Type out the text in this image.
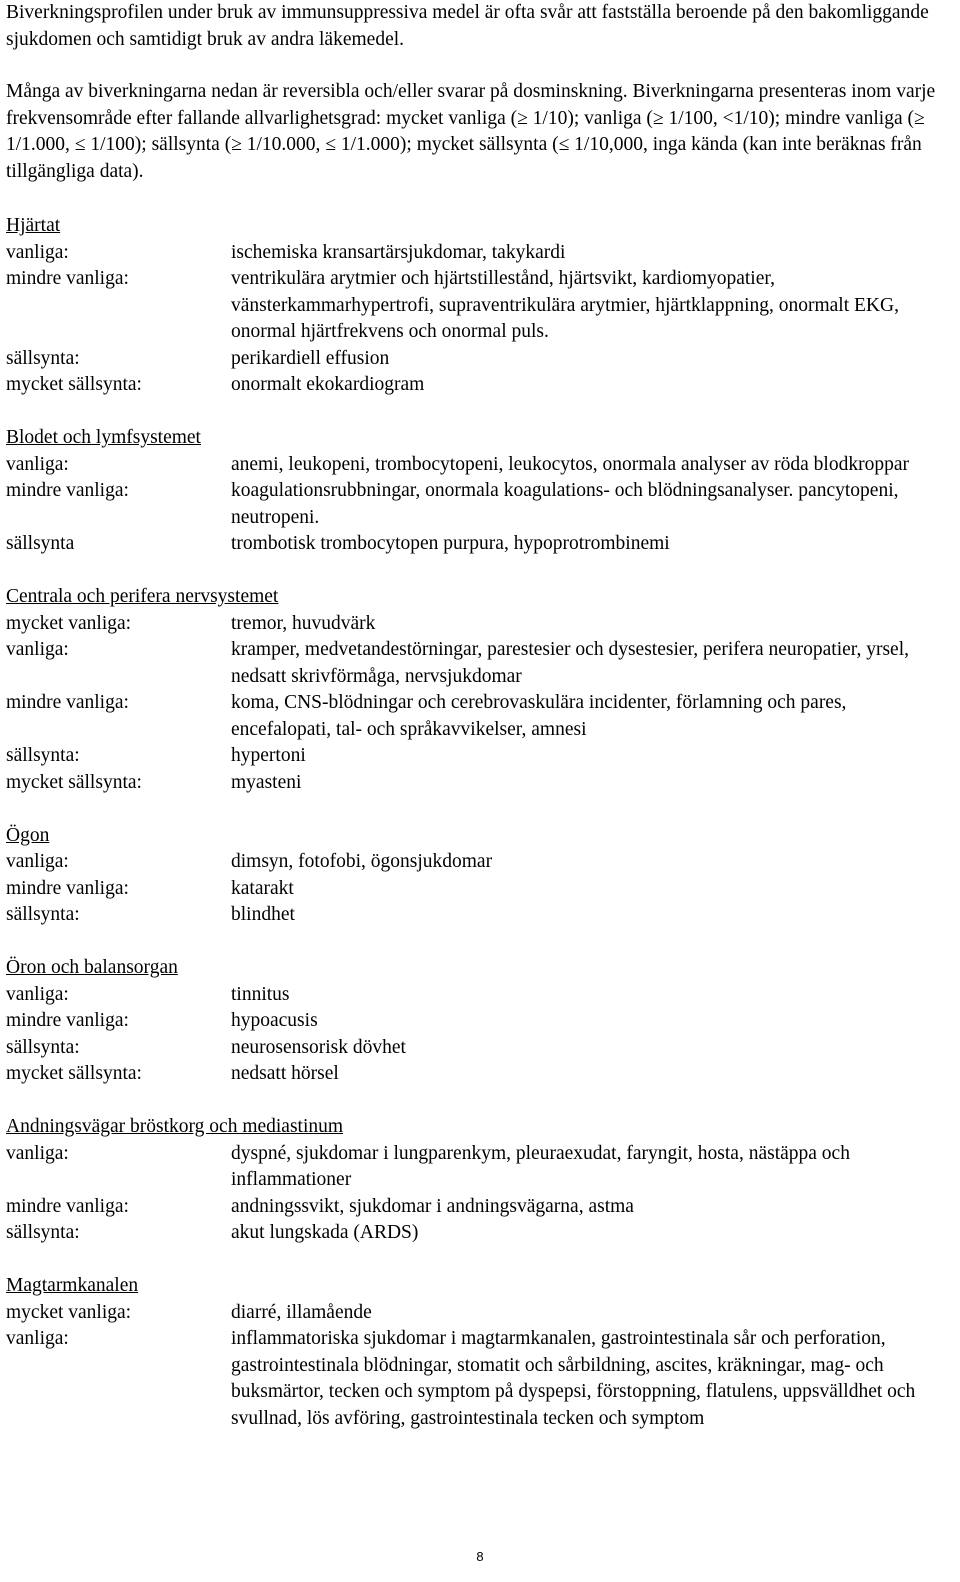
Biverkningsprofilen under bruk av immunsuppressiva medel är ofta svår att fastställa beroende på den bakomliggande sjukdomen och samtidigt bruk av andra läkemedel.

Många av biverkningarna nedan är reversibla och/eller svarar på dosminskning. Biverkningarna presenteras inom varje frekvensområde efter fallande allvarlighetsgrad: mycket vanliga (≥ 1/10); vanliga (≥ 1/100, <1/10); mindre vanliga (≥ 1/1.000, ≤ 1/100); sällsynta (≥ 1/10.000, ≤ 1/1.000); mycket sällsynta (≤ 1/10,000, inga kända (kan inte beräknas från tillgängliga data).

Hjärtat
vanliga:	ischemiska kransartärsjukdomar, takykardi
mindre vanliga:	ventrikulära arytmier och hjärtstillestånd, hjärtsvikt, kardiomyopatier, vänsterkammarhypertrofi, supraventrikulära arytmier, hjärtklappning, onormalt EKG, onormal hjärtfrekvens och onormal puls.
sällsynta:	perikardiell effusion
mycket sällsynta:	onormalt ekokardiogram
Blodet och lymfsystemet
vanliga:	anemi, leukopeni, trombocytopeni, leukocytos, onormala analyser av röda blodkroppar
mindre vanliga:	koagulationsrubbningar, onormala koagulations- och blödningsanalyser. pancytopeni, neutropeni.
sällsynta	trombotisk trombocytopen purpura, hypoprotrombinemi
Centrala och perifera nervsystemet
mycket vanliga:	tremor, huvudvärk
vanliga:	kramper, medvetandestörningar, parestesier och dysestesier, perifera neuropatier, yrsel, nedsatt skrivförmåga, nervsjukdomar
mindre vanliga:	koma, CNS-blödningar och cerebrovaskulära incidenter, förlamning och pares, encefalopati, tal- och språkavvikelser, amnesi
sällsynta:	hypertoni
mycket sällsynta:	myasteni
Ögon
vanliga:	dimsyn, fotofobi, ögonsjukdomar
mindre vanliga:	katarakt
sällsynta:	blindhet
Öron och balansorgan
vanliga:	tinnitus
mindre vanliga:	hypoacusis
sällsynta:	neurosensorisk dövhet
mycket sällsynta:	nedsatt hörsel
Andningsvägar bröstkorg och mediastinum
vanliga:	dyspné, sjukdomar i lungparenkym, pleuraexudat, faryngit, hosta, nästäppa och inflammationer
mindre vanliga:	andningssvikt, sjukdomar i andningsvägarna, astma
sällsynta:	akut lungskada (ARDS)
Magtarmkanalen
mycket vanliga:	diarré, illamående
vanliga:	inflammatoriska sjukdomar i magtarmkanalen, gastrointestinala sår och perforation, gastrointestinala blödningar, stomatit och sårbildning, ascites, kräkningar, mag- och buksmärtor, tecken och symptom på dyspepsi, förstoppning, flatulens, uppsvälldhet och svullnad, lös avföring, gastrointestinala tecken och symptom
8
